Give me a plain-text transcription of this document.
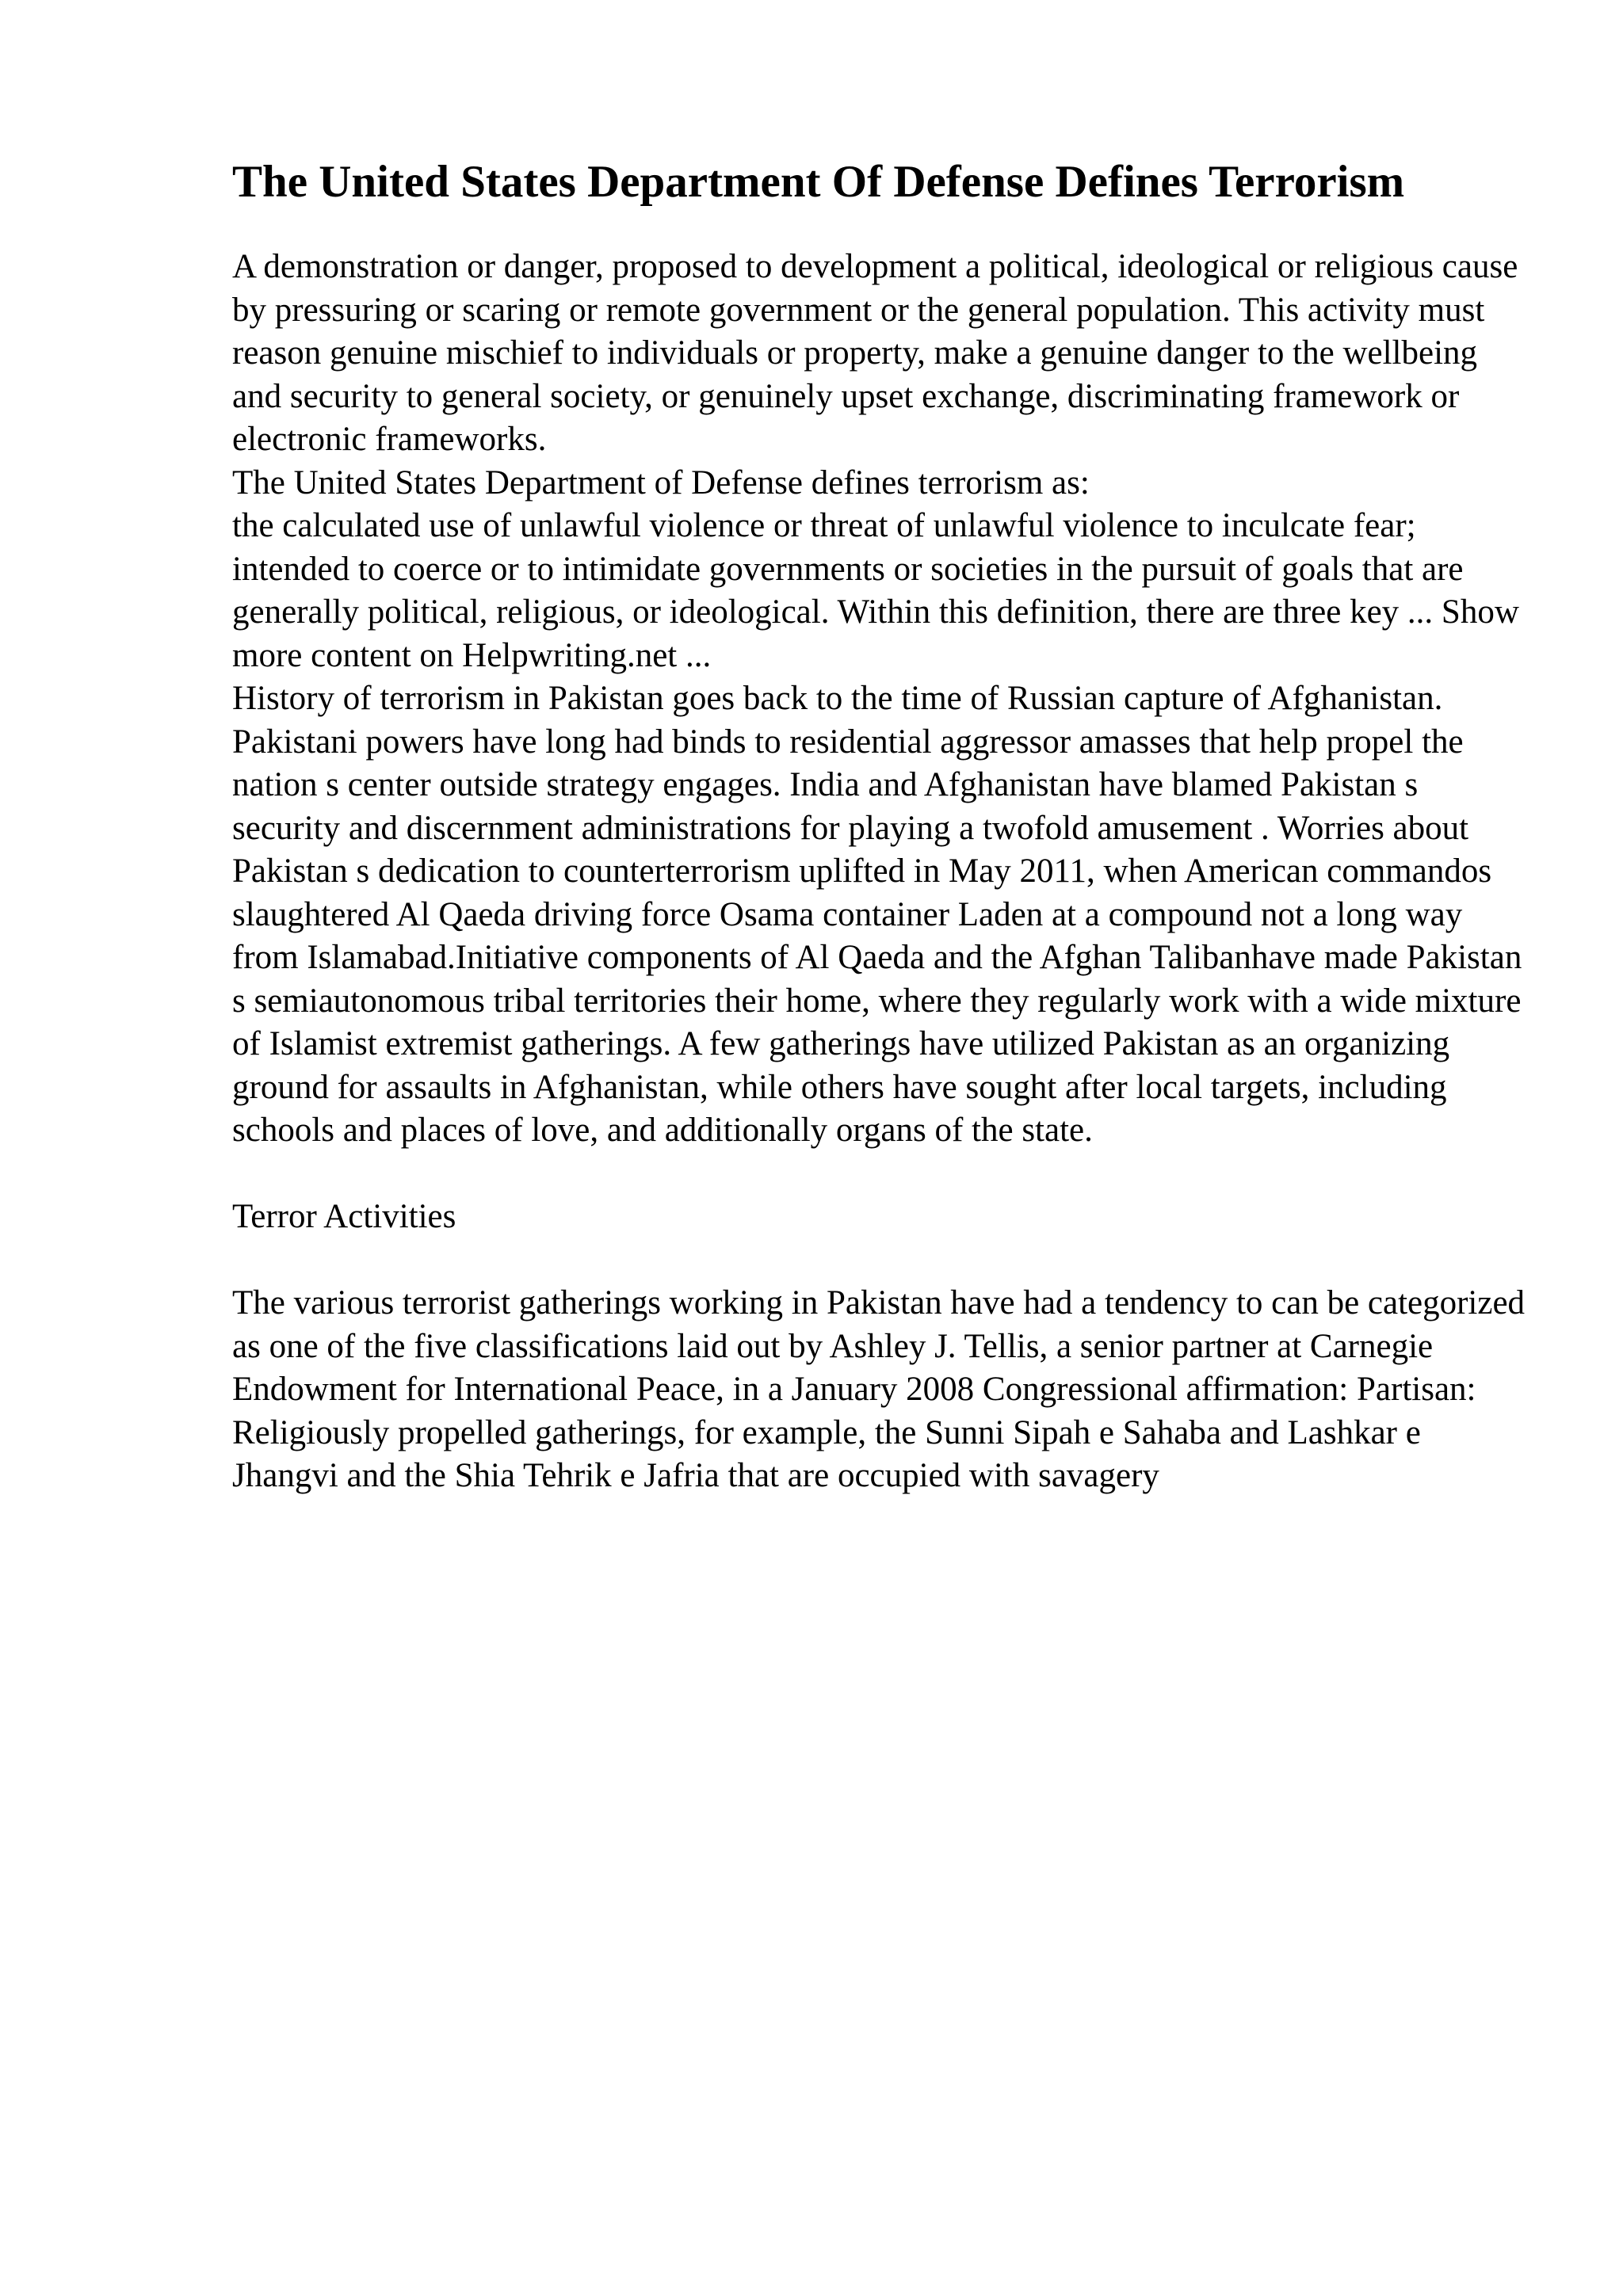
The United States Department Of Defense Defines Terrorism

A demonstration or danger, proposed to development a political, ideological or religious cause by pressuring or scaring or remote government or the general population. This activity must reason genuine mischief to individuals or property, make a genuine danger to the wellbeing and security to general society, or genuinely upset exchange, discriminating framework or electronic frameworks.

The United States Department of Defense defines terrorism as:

the calculated use of unlawful violence or threat of unlawful violence to inculcate fear; intended to coerce or to intimidate governments or societies in the pursuit of goals that are generally political, religious, or ideological. Within this definition, there are three key ... Show more content on Helpwriting.net ...

History of terrorism in Pakistan goes back to the time of Russian capture of Afghanistan. Pakistani powers have long had binds to residential aggressor amasses that help propel the nation s center outside strategy engages. India and Afghanistan have blamed Pakistan s security and discernment administrations for playing a twofold amusement . Worries about Pakistan s dedication to counterterrorism uplifted in May 2011, when American commandos slaughtered Al Qaeda driving force Osama container Laden at a compound not a long way from Islamabad.Initiative components of Al Qaeda and the Afghan Talibanhave made Pakistan s semiautonomous tribal territories their home, where they regularly work with a wide mixture of Islamist extremist gatherings. A few gatherings have utilized Pakistan as an organizing ground for assaults in Afghanistan, while others have sought after local targets, including schools and places of love, and additionally organs of the state.

Terror Activities

The various terrorist gatherings working in Pakistan have had a tendency to can be categorized as one of the five classifications laid out by Ashley J. Tellis, a senior partner at Carnegie Endowment for International Peace, in a January 2008 Congressional affirmation: Partisan: Religiously propelled gatherings, for example, the Sunni Sipah e Sahaba and Lashkar e Jhangvi and the Shia Tehrik e Jafria that are occupied with savagery
